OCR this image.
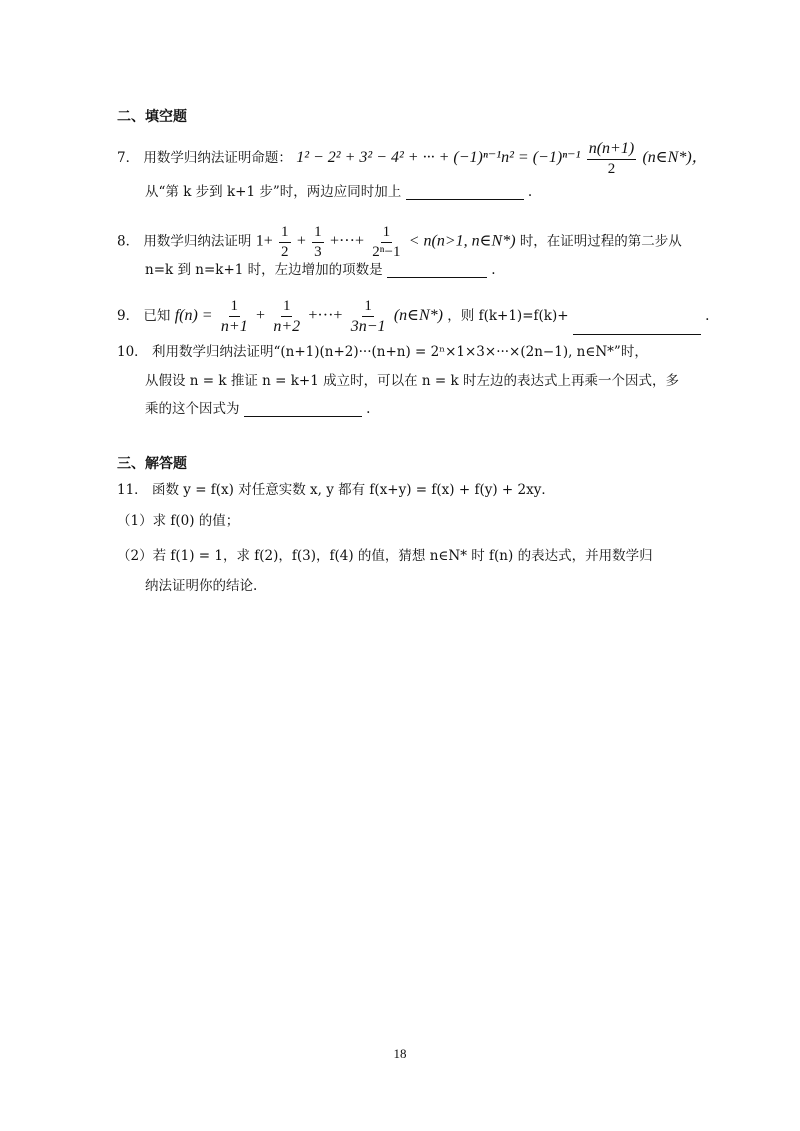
二、填空题
7． 用数学归纳法证明命题： 1² − 2² + 3² − 4² + ··· + $(-1)^{n-1}n^2 = (-1)^{n-1} \frac{n(n+1)}{2}$ (n∈N*)，
从“第 k 步到 k+1 步”时，两边应同时加上	.
8． 用数学归纳法证明 $1+ \frac{1}{2} + \frac{1}{3}$ +···+ $\frac{1}{\text{2ⁿ−1}} < n(n>1$, n∈N*) 时，在证明过程的第二步从
n=k 到 n=k+1 时，左边增加的项数是	.
9． 已知 $f(n) = \frac{1}{n+1} + \frac{1}{n+2}$ +···+ $\frac{1}{3n-1}$ (n∈N*) ，则 f(k+1)=f(k)+	.
10． 利用数学归纳法证明“(n+1)(n+2)···(n+n) = 2ⁿ×1×3×···×(2n−1), n∈N*”时，
从假设 n = k 推证 n = k+1 成立时，可以在 n = k 时左边的表达式上再乘一个因式，多
乘的这个因式为	.
三、解答题
11． 函数 y = f(x) 对任意实数 x, y 都有 f(x+y) = f(x) + f(y) + 2xy．
（1）求 f(0) 的值；
（2）若 f(1) = 1，求 f(2)，f(3)，f(4) 的值，猜想 n∈N* 时 f(n) 的表达式，并用数学归
纳法证明你的结论.
18
